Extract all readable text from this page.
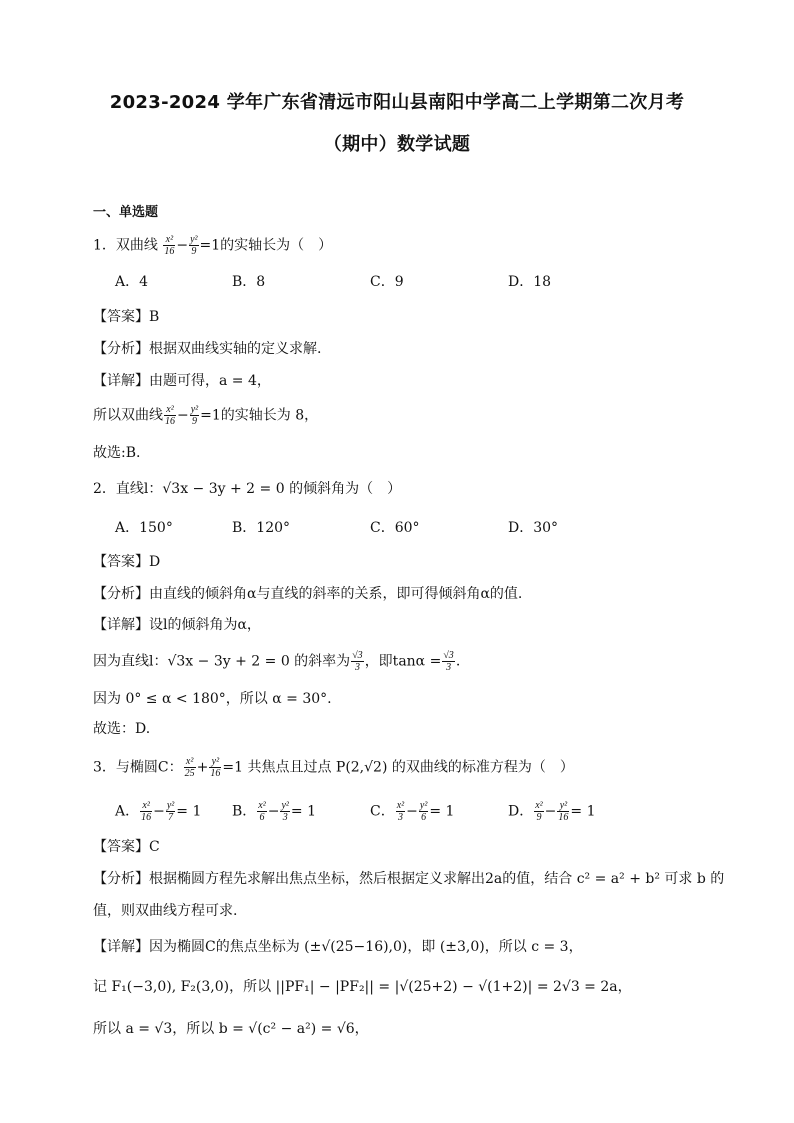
2023-2024 学年广东省清远市阳山县南阳中学高二上学期第二次月考
（期中）数学试题
一、单选题
1．双曲线 $\frac{\text{x²}}{16} - \frac{\text{y²}}{9} =1$的实轴长为（　）
A．4	B．8	C．9	D．18
【答案】B
【分析】根据双曲线实轴的定义求解.
【详解】由题可得，a = 4，
所以双曲线 $\frac{\text{x²}}{16} - \frac{\text{y²}}{9} =1$的实轴长为 8，
故选:B.
2．直线l：√3x − 3y + 2 = 0 的倾斜角为（　）
A．150°	B．120°	C．60°	D．30°
【答案】D
【分析】由直线的倾斜角α与直线的斜率的关系，即可得倾斜角α的值.
【详解】设l的倾斜角为α，
因为直线l：√3x − 3y + 2 = 0 的斜率为 $\frac{√3}{3}$ ，即$\tan\alpha = \frac{√3}{3}$ .
因为 0° ≤ α < 180°，所以 α = 30°.
故选：D.
3．与椭圆C： $\frac{\text{x²}}{25} + \frac{\text{y²}}{16} =1$ 共焦点且过点 P(2,√2) 的双曲线的标准方程为（　）
A． $\frac{\text{x²}}{16} - \frac{\text{y²}}{7} = 1$ B． $\frac{\text{x²}}{6} - \frac{\text{y²}}{3} = 1$	C． $\frac{\text{x²}}{3} - \frac{\text{y²}}{6} = 1$	D． $\frac{\text{x²}}{9} - \frac{\text{y²}}{16} = 1$
【答案】C
【分析】根据椭圆方程先求解出焦点坐标，然后根据定义求解出2a的值，结合 c² = a² + b² 可求 b 的
值，则双曲线方程可求.
【详解】因为椭圆C的焦点坐标为 (±√(25−16),0)，即 (±3,0)，所以 c = 3，
记 F₁(−3,0), F₂(3,0)，所以 ||PF₁| − |PF₂|| = |√(25+2) − √(1+2)| = 2√3 = 2a，
所以 a = √3，所以 b = √(c² − a²) = √6，
